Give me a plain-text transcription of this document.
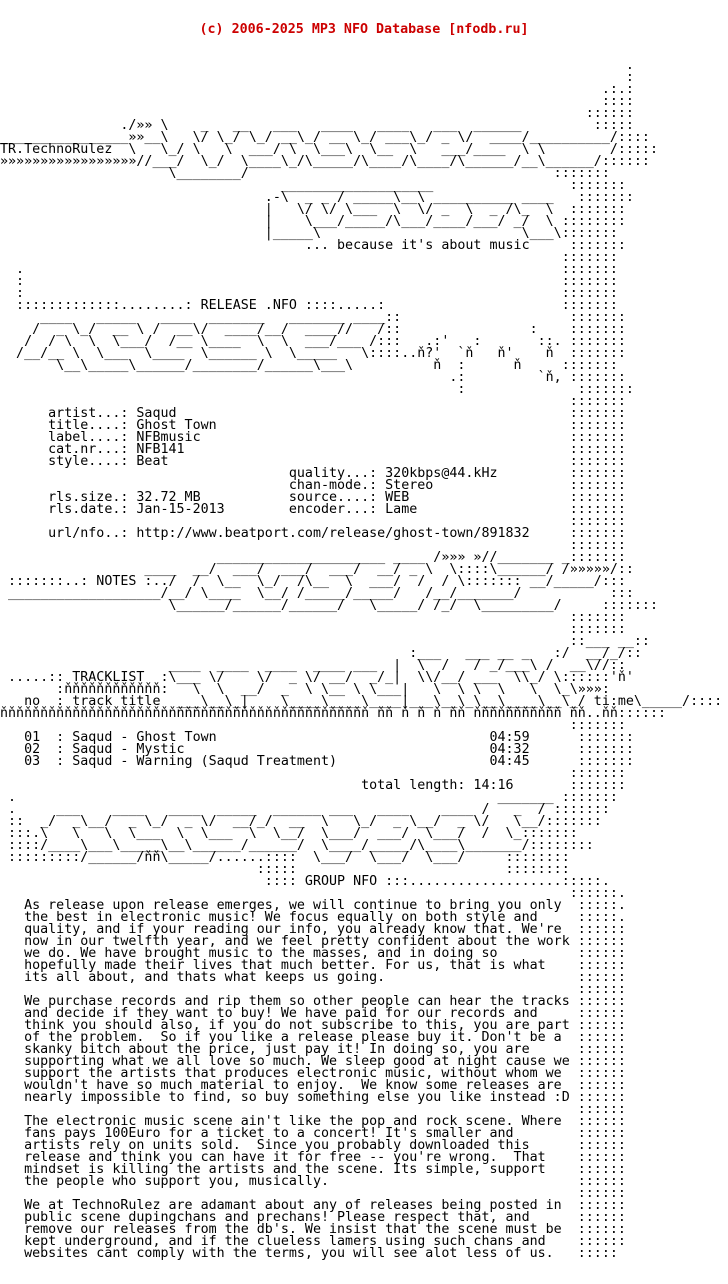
(c) 2006-2025 MP3 NFO Database [nfodb.ru]

.
:
.:.:
::::
::::::
./»» \    _   __   ___   ____   ____   ___  ______         :::::
________________»»__\   \/ \_/ \_/ __\_/ __ \_/ ___\_/ _ \/  ____/__________/::::
TR.TechnoRulez  \   \_/ \   \  ___/ \  \___\  \__  \   ___/____  \ \        /:::::
»»»»»»»»»»»»»»»»»//___/  \_/  \____\_/\_____/\____/\____/\______/__\______/::::::
\________/                                      :::::::
___________________                 :::::::
.-\  _ _ / _____\__\ __________ ____   :::::::
|   \/ \/ \___  \  \/ _  \  _ /\_  \  :::::::
|    \___/_____/\___/____/___/ _/  \ ::::::::
|_____\                         \___\:::::::
... because it's about music     :::::::
:::::::
.                                                                   :::::::
:                                                                   :::::::
:                                                                   :::::::
:::::::::::::........: RELEASE .NFO ::::.....:                      :::::::
____   _____   ____  _______   _______ ____::                     :::::::
/  _ \_/  __ \ /  __\/  ____/__/  ____//   /::                :    :::::::
/  / \  \  \___/  /__ \____  \  \  ___/___ /:::   .:'   :       ::. :::::::
/__/__ \  \___  \____  \______ \  \_____   \::::..ň?'  `ň   ň'    ň  :::::::
\__\_____\______/________/______\___\          ň  :      ň     :::::::
.:         `ň, :::::::
:              :::::::
:::::::
artist...: Saqud                                                 :::::::
title....: Ghost Town                                            :::::::
label....: NFBmusic                                              :::::::
cat.nr...: NFB141                                                :::::::
style....: Beat                                                  :::::::
quality...: 320kbps@44.kHz         :::::::
chan-mode.: Stereo                 :::::::
rls.size.: 32.72 MB           source....: WEB                    :::::::
rls.date.: Jan-15-2013        encoder...: Lame                   :::::::
:::::::
url/nfo..: http://www.beatport.com/release/ghost-town/891832     :::::::
:::::::
_____________________ ____ /»»» »//_______ _:::::::
____  __/  ___/  ___/  ___/  __/ _ \  \::::\______/ /»»»»»/::
:::::::..: NOTES :../  /  \__  \_/  /\__  \  ___/  /  / \::::::: __/_____/:::
___________________/__/ \____  \__/ /_____/_____/   /__/_______/           :::
\______/______/______/   \_____/ /_/  \_________/     :::::::
:::::::
:::::::
::___ __::
:___   ___ __ _   :/  __/_/::
____  ____  ____  ____ ___  |  \  /   / _/___\ /  __\//::
.....:: TRACKLIST  :\___ \/    \/  _ \/ __/  _/_|  \\/__/ ___  \\_/ \::::::'ň'
:ňňňňňňňňňňňň:   \  \  __/  _  \ \__ \ \___|   \  \ \  \   \  \_\»»»:
no  : track title  ___\__\_|    \____\____\____|___\__\_\__\____\__\_/ ti:me\_____/::::
ňňňňňňňňňňňňňňňňňňňňňňňňňňňňňňňňňňňňňňňňňňňňňň ňň ň ň ň ňň ňňňňňňňňňňň ňň..ňň::::::
:::::::
01  : Saqud - Ghost Town                                  04:59      :::::::
02  : Saqud - Mystic                                      04:32      :::::::
03  : Saqud - Warning (Saqud Treatment)                   04:45      :::::::
:::::::
total length: 14:16       :::::::
.                                                            _______ :::::::
.     ___    ____   ____  _____  ______ ___   ____    ____ /   _  / :::::::
::  _/  _\__/  _ \_/  _ \/  __/_/  __  \   \_/  _ \__/  _ \/   \__/:::::::
:::.\   \   \  \___  \  \___  \  \__/  \___/  ___/  \___/  /  \_:::::::
::::/____\___\_____\__\______/______/  \____/_____/\____\_______/::::::::
:::::::::/______/ňň\_____/......::::  \___/  \___/  \___/     ::::::::
:::::                          ::::::::
:::: GROUP NFO :::...................:::::.
::::::.
As release upon release emerges, we will continue to bring you only  :::::.
the best in electronic music! We focus equally on both style and     :::::.
quality, and if your reading our info, you already know that. We're  ::::::
now in our twelfth year, and we feel pretty confident about the work ::::::
we do. We have brought music to the masses, and in doing so          ::::::
hopefully made their lives that much better. For us, that is what    ::::::
its all about, and thats what keeps us going.                        ::::::
::::::
We purchase records and rip them so other people can hear the tracks ::::::
and decide if they want to buy! We have paid for our records and     ::::::
think you should also, if you do not subscribe to this, you are part ::::::
of the problem.  So if you like a release please buy it. Don't be a  ::::::
skanky bitch about the price, just pay it! In doing so, you are      ::::::
supporting what we all love so much. We sleep good at night cause we ::::::
support the artists that produces electronic music, without whom we  ::::::
wouldn't have so much material to enjoy.  We know some releases are  ::::::
nearly impossible to find, so buy something else you like instead :D ::::::
::::::
The electronic music scene ain't like the pop and rock scene. Where  ::::::
fans pays 100Euro for a ticket to a concert! It's smaller and        ::::::
artists rely on units sold.  Since you probably downloaded this      ::::::
release and think you can have it for free -- you're wrong.  That    ::::::
mindset is killing the artists and the scene. Its simple, support    ::::::
the people who support you, musically.                               ::::::
::::::
We at TechnoRulez are adamant about any of releases being posted in  ::::::
public scene dupingchans and prechans! Please respect that, and      ::::::
remove our releases from the db's. We insist that the scene must be  ::::::
kept underground, and if the clueless lamers using such chans and    ::::::
websites cant comply with the terms, you will see alot less of us.   :::::
